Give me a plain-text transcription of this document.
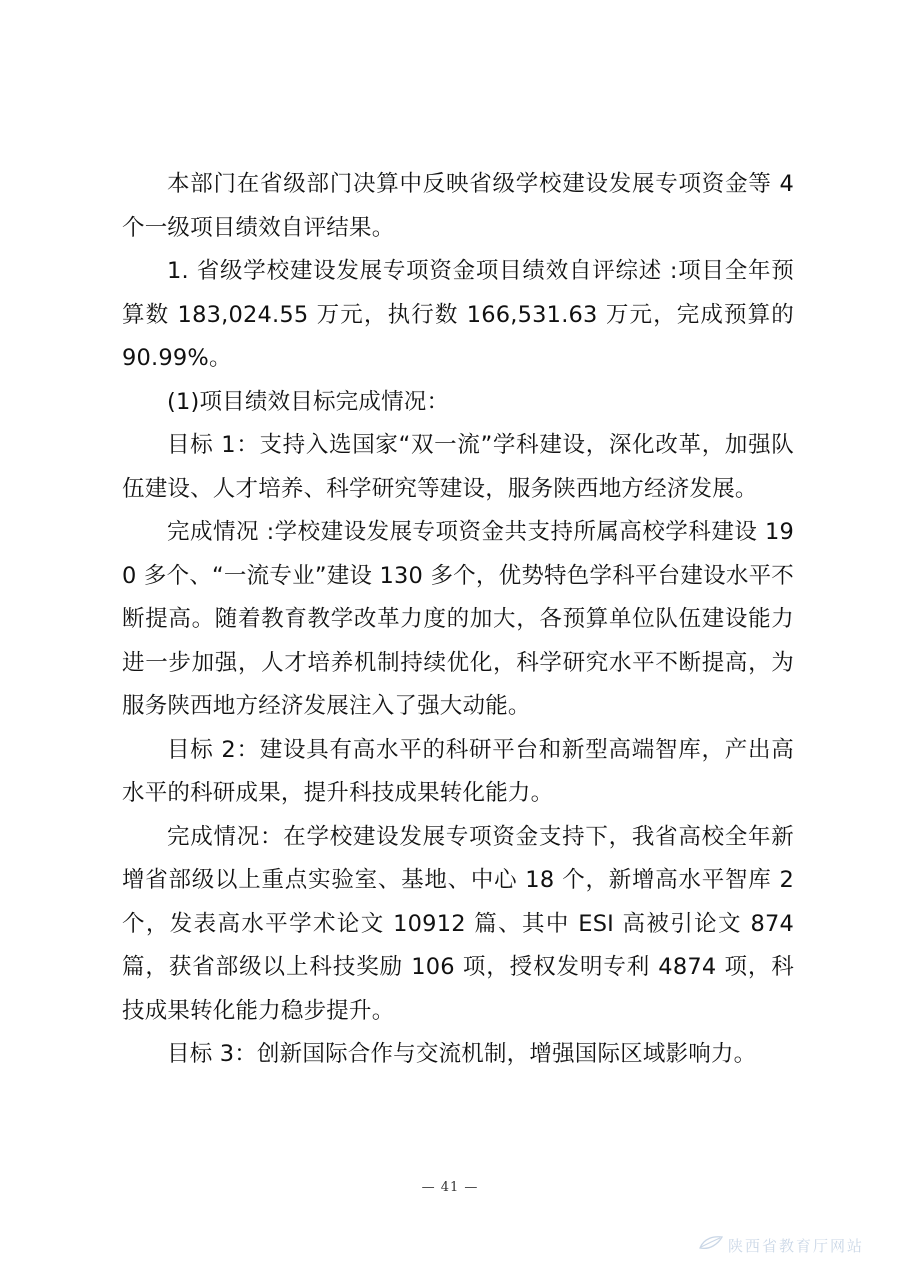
本部门在省级部门决算中反映省级学校建设发展专项资金等 4 个一级项目绩效自评结果。

1. 省级学校建设发展专项资金项目绩效自评综述 :项目全年预算数 183,024.55 万元，执行数 166,531.63 万元，完成预算的 90.99%。

(1)项目绩效目标完成情况：

目标 1：支持入选国家“双一流”学科建设，深化改革，加强队伍建设、人才培养、科学研究等建设，服务陕西地方经济发展。

完成情况 :学校建设发展专项资金共支持所属高校学科建设 190 多个、“一流专业”建设 130 多个，优势特色学科平台建设水平不断提高。随着教育教学改革力度的加大，各预算单位队伍建设能力进一步加强，人才培养机制持续优化，科学研究水平不断提高，为服务陕西地方经济发展注入了强大动能。

目标 2：建设具有高水平的科研平台和新型高端智库，产出高水平的科研成果，提升科技成果转化能力。

完成情况：在学校建设发展专项资金支持下，我省高校全年新增省部级以上重点实验室、基地、中心 18 个，新增高水平智库 2 个，发表高水平学术论文 10912 篇、其中 ESI 高被引论文 874 篇，获省部级以上科技奖励 106 项，授权发明专利 4874 项，科技成果转化能力稳步提升。

目标 3：创新国际合作与交流机制，增强国际区域影响力。

— 41 —
陕西省教育厅网站
